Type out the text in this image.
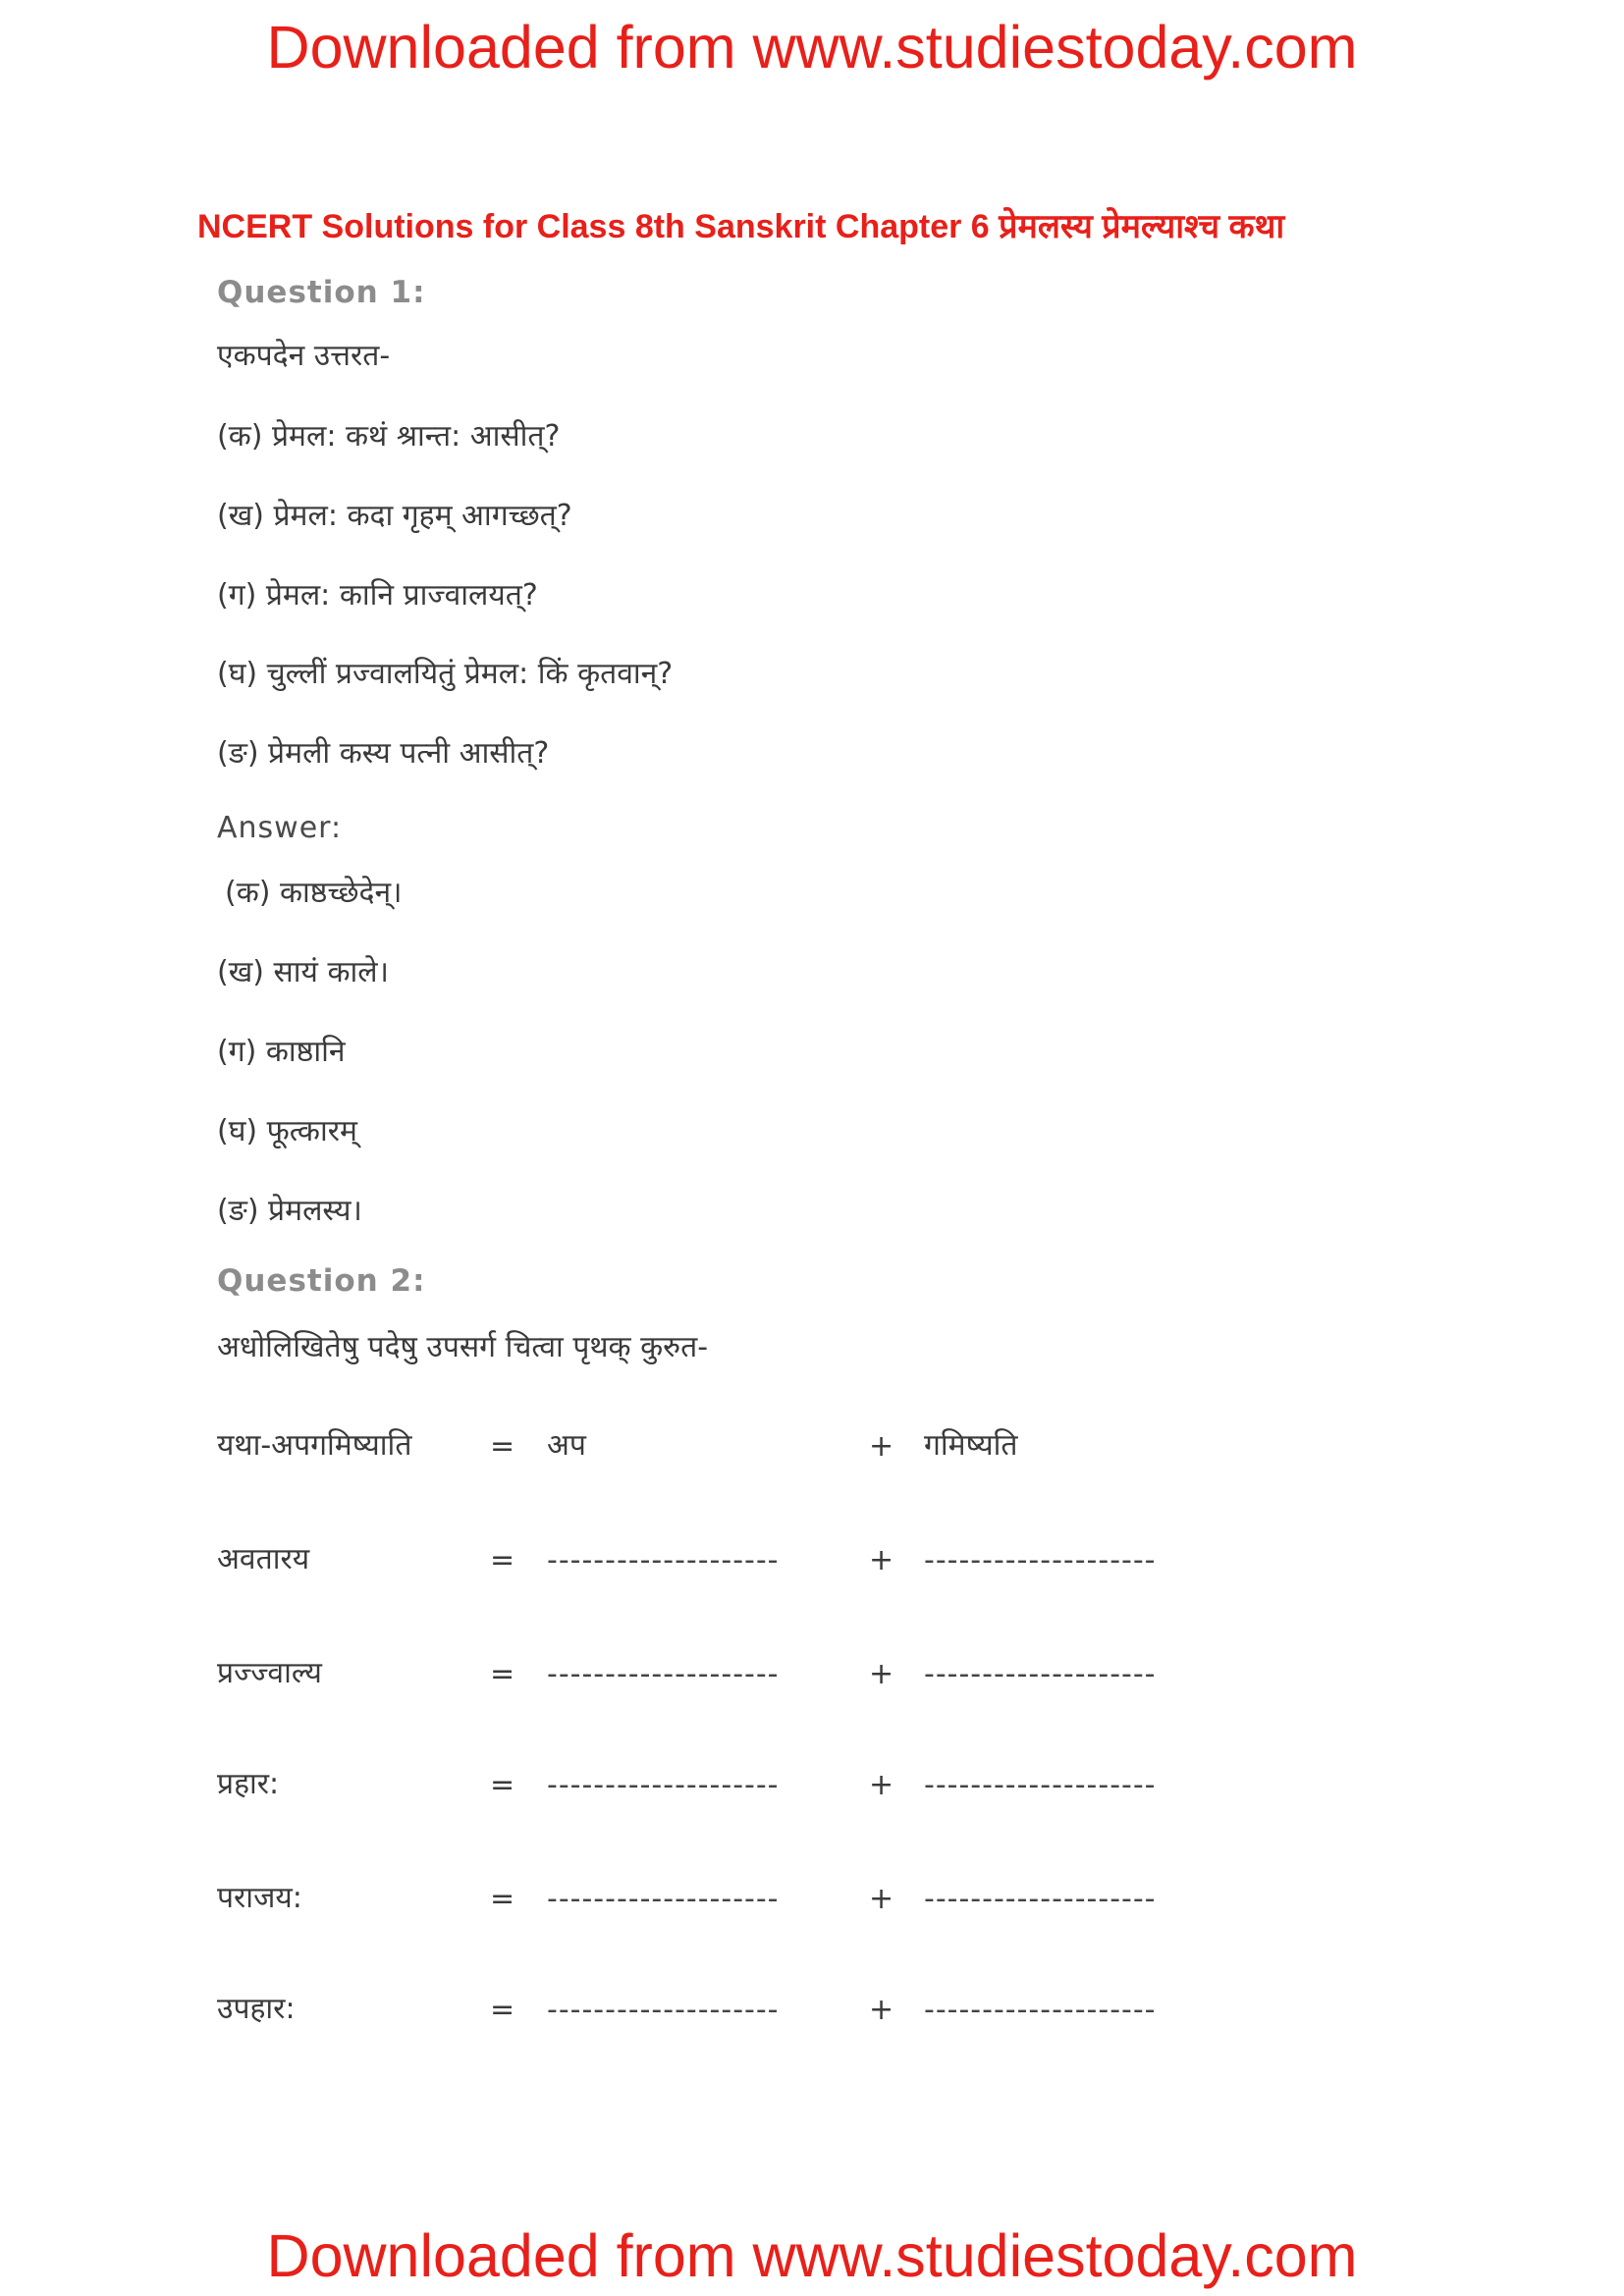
Downloaded from www.studiestoday.com
NCERT Solutions for Class 8th Sanskrit Chapter 6 प्रेमलस्य प्रेमल्याश्च कथा
Question 1:
एकपदेन उत्तरत-
(क) प्रेमल: कथं श्रान्त: आसीत्?
(ख) प्रेमल: कदा गृहम् आगच्छत्?
(ग) प्रेमल: कानि प्राज्वालयत्?
(घ) चुल्लीं प्रज्वालयितुं प्रेमल: किं कृतवान्?
(ङ) प्रेमली कस्य पत्नी आसीत्?
Answer:
(क) काष्ठच्छेदेन्।
(ख) सायं काले।
(ग) काष्ठानि
(घ) फूत्कारम्
(ङ) प्रेमलस्य।
Question 2:
अधोलिखितेषु पदेषु उपसर्ग चित्वा पृथक् कुरुत-
यथा-अपगमिष्याति	= अप	+ गमिष्यति
अवतारय	= --------------------	+ --------------------
प्रज्ज्वाल्य	= --------------------	+ --------------------
प्रहार:	= --------------------	+ --------------------
पराजय:	= --------------------	+ --------------------
उपहार:	= --------------------	+ --------------------
Downloaded from www.studiestoday.com
